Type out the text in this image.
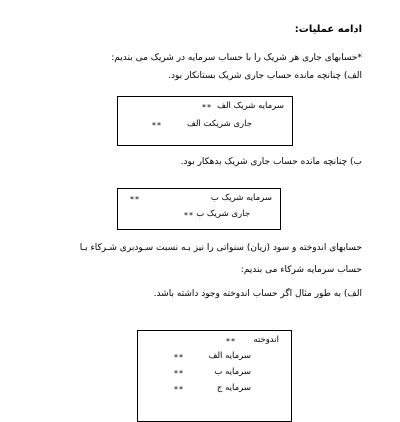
ادامه عملیات:
*حسابهای جاری هر شریک را با حساب سرمایه در شریک می بندیم:
الف) چنانچه مانده حساب جاری شریک بستانکار بود.
سرمایه شریک الف
**
جاری شریکت الف
**
ب) چنانچه مانده حساب جاری شریک بدهکار بود.
سرمایه شریک ب
**
جاری شریک ب
**
حسابهای اندوخته و سود (زیان) سنواتی را نیز بـه نسبت سـودبری شـرکاء بـا
حساب سرمایه شرکاء می بندیم:
الف) به طور مثال اگر حساب اندوخته وجود داشته باشد.
اندوخته
**
سرمایه الف
**
سرمایه ب
**
سرمایه ج
**
